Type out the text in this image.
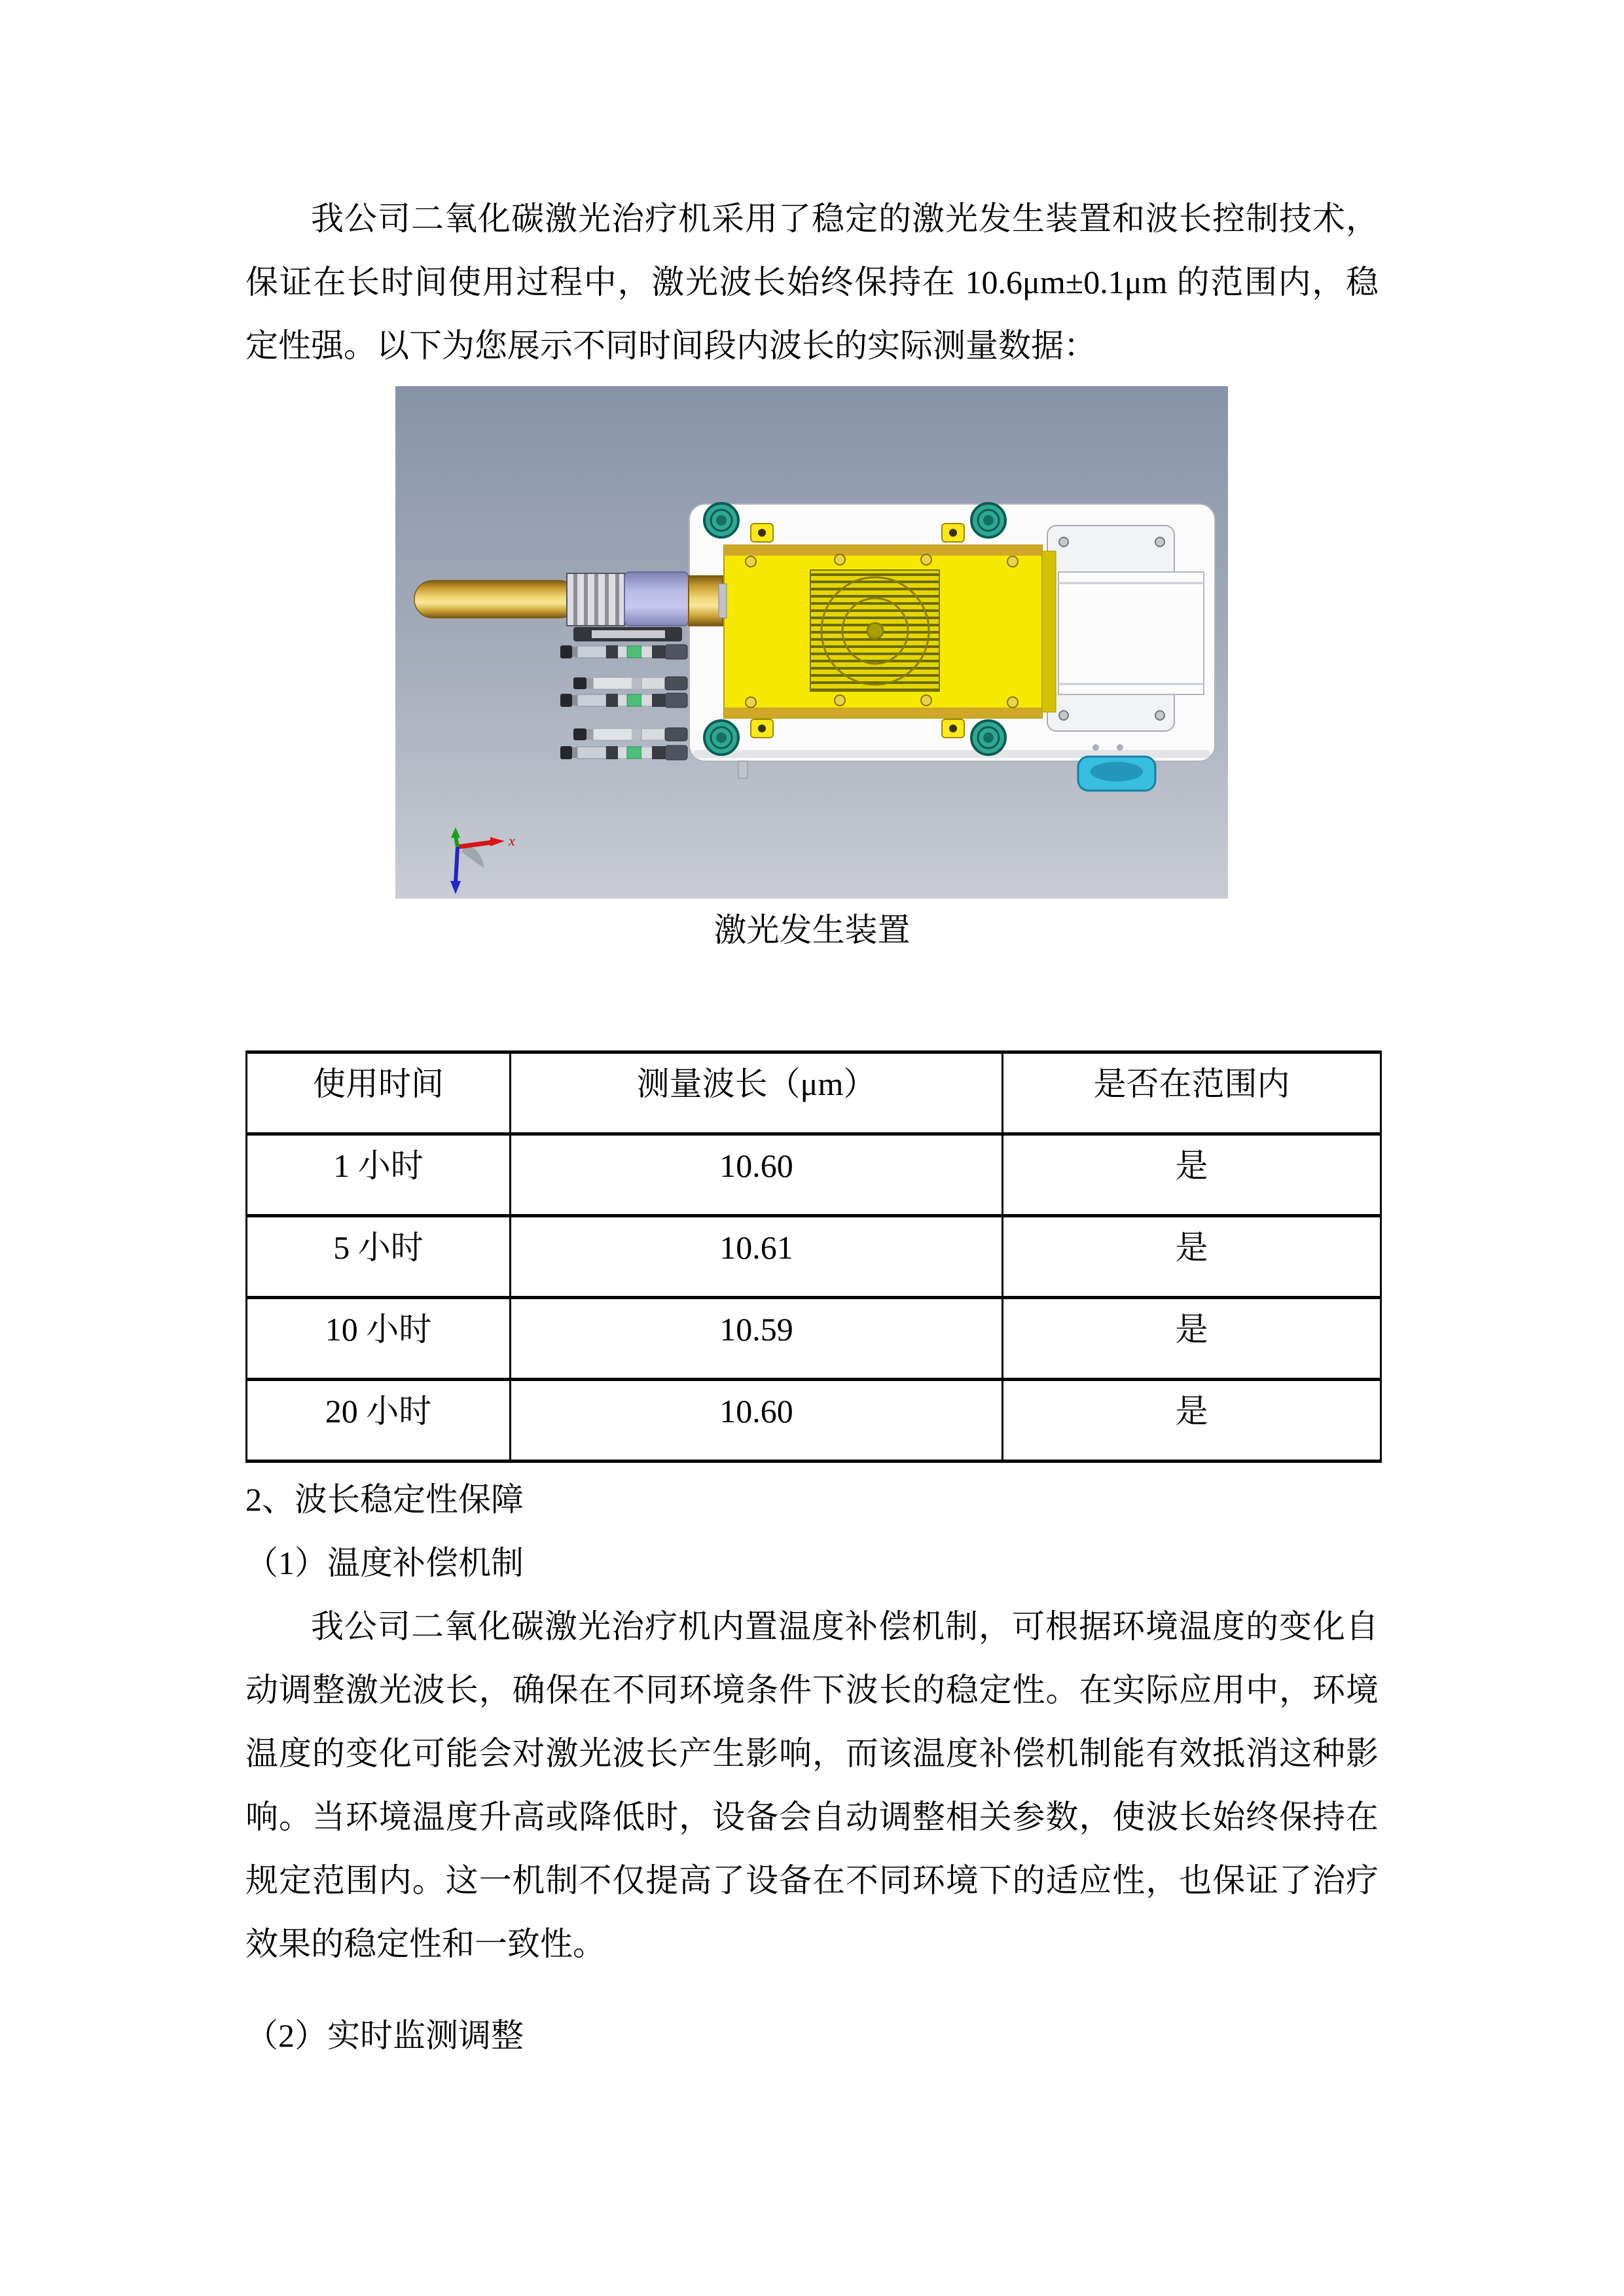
我公司二氧化碳激光治疗机采用了稳定的激光发生装置和波长控制技术，保证在长时间使用过程中，激光波长始终保持在 10.6μm±0.1μm 的范围内，稳定性强。以下为您展示不同时间段内波长的实际测量数据：

x

激光发生装置

使用时间	测量波长（μm）	是否在范围内
1 小时	10.60	是
5 小时	10.61	是
10 小时	10.59	是
20 小时	10.60	是

2、波长稳定性保障

（1）温度补偿机制

我公司二氧化碳激光治疗机内置温度补偿机制，可根据环境温度的变化自动调整激光波长，确保在不同环境条件下波长的稳定性。在实际应用中，环境温度的变化可能会对激光波长产生影响，而该温度补偿机制能有效抵消这种影响。当环境温度升高或降低时，设备会自动调整相关参数，使波长始终保持在规定范围内。这一机制不仅提高了设备在不同环境下的适应性，也保证了治疗效果的稳定性和一致性。

（2）实时监测调整
